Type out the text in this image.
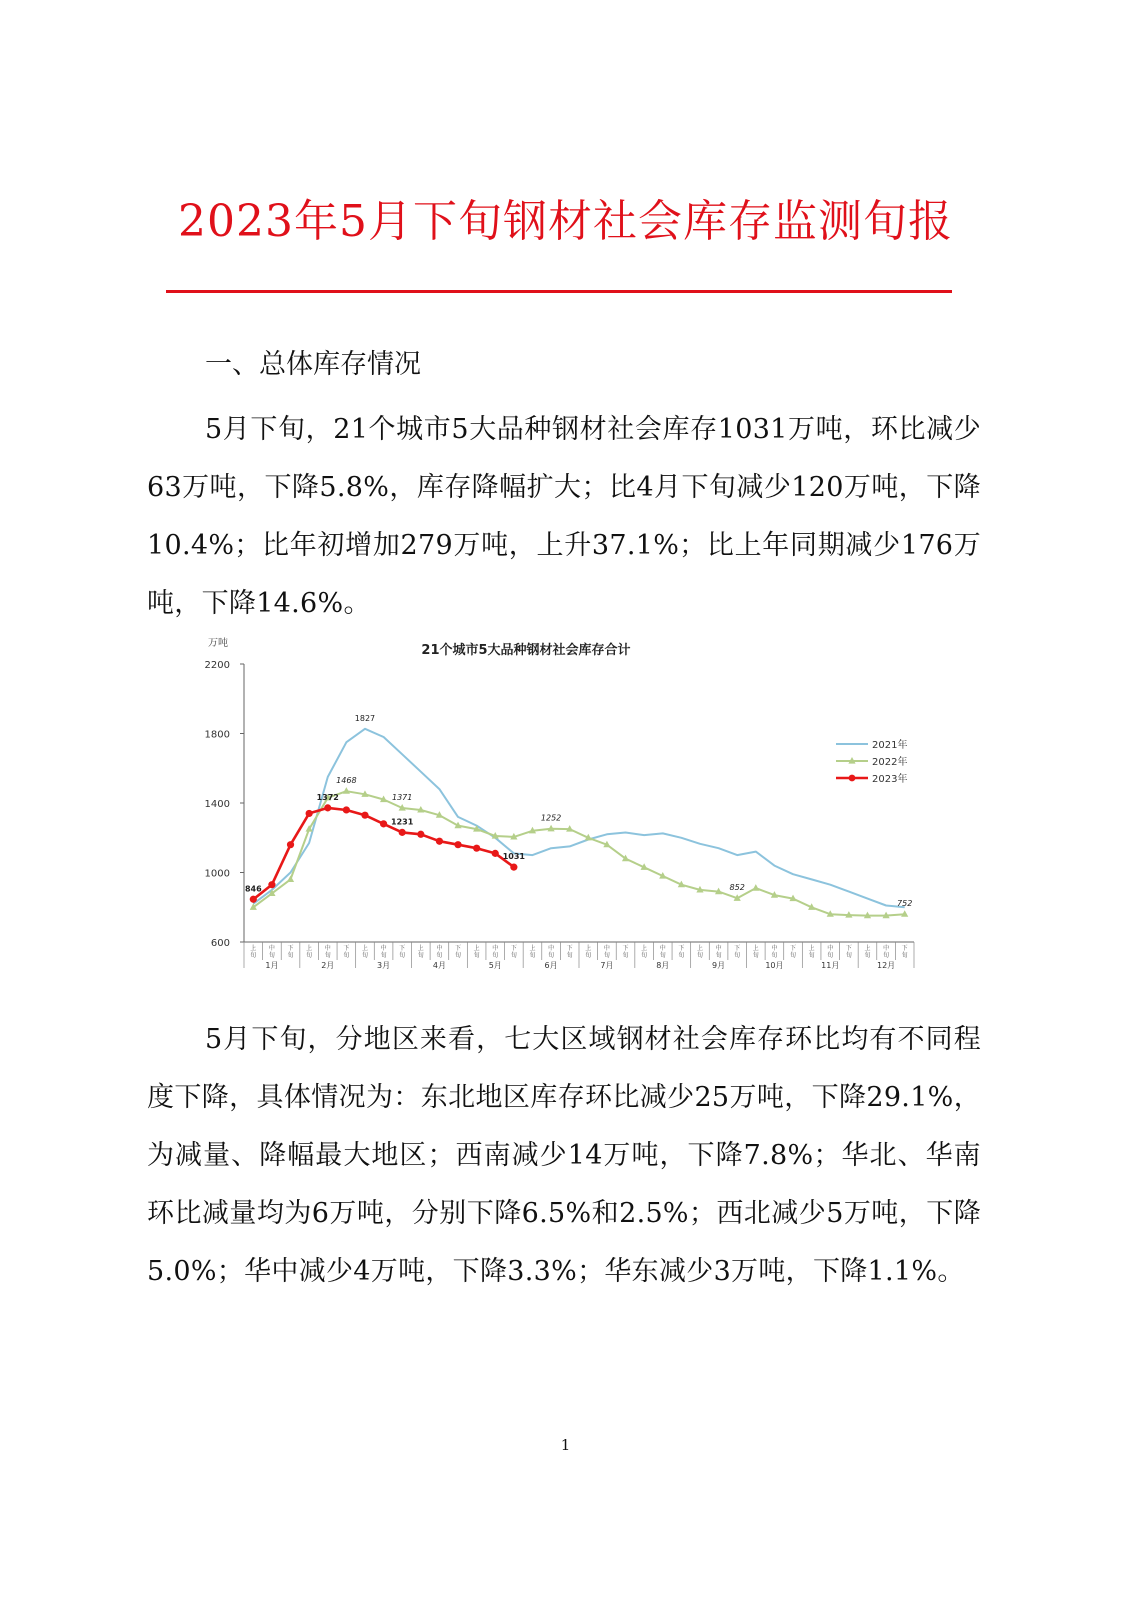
2023年5月下旬钢材社会库存监测旬报
一、总体库存情况
5月下旬，21个城市5大品种钢材社会库存1031万吨，环比减少63万吨，下降5.8%，库存降幅扩大；比4月下旬减少120万吨，下降10.4%；比年初增加279万吨，上升37.1%；比上年同期减少176万吨，下降14.6%。
21个城市5大品种钢材社会库存合计
万吨
600
1000
1400
1800
2200
上
旬
中
旬
下
旬
上
旬
中
旬
下
旬
上
旬
中
旬
下
旬
上
旬
中
旬
下
旬
上
旬
中
旬
下
旬
上
旬
中
旬
下
旬
上
旬
中
旬
下
旬
上
旬
中
旬
下
旬
上
旬
中
旬
下
旬
上
旬
中
旬
下
旬
上
旬
中
旬
下
旬
上
旬
中
旬
下
旬
1月	2月	3月	4月	5月	6月	7月	8月	9月	10月	11月	12月
1827
2021年
1468
1371
1252
852
752
2022年
846
1372
1231
1031
2023年
5月下旬，分地区来看，七大区域钢材社会库存环比均有不同程度下降，具体情况为：东北地区库存环比减少25万吨，下降29.1%，为减量、降幅最大地区；西南减少14万吨，下降7.8%；华北、华南环比减量均为6万吨，分别下降6.5%和2.5%；西北减少5万吨，下降5.0%；华中减少4万吨，下降3.3%；华东减少3万吨，下降1.1%。
1
